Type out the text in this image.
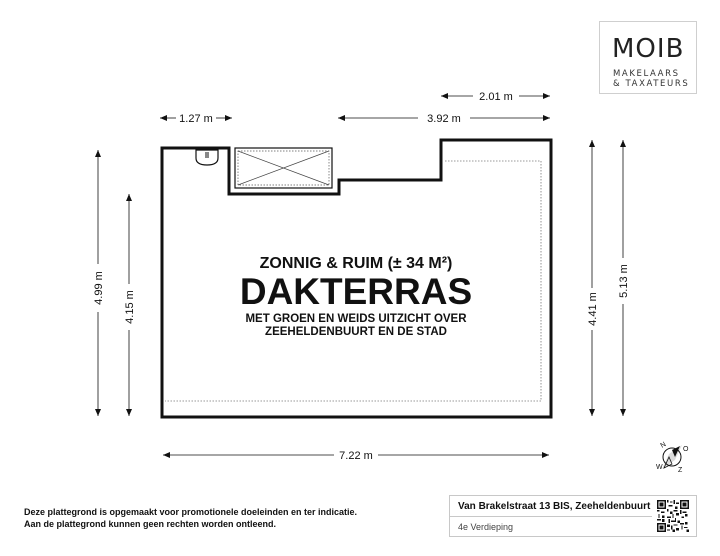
1.27 m	3.92 m
2.01 m
4.99 m
4.15 m	4.41 m
5.13 m
7.22 m
ZONNIG & RUIM (± 34 M²)
DAKTERRAS
MET GROEN EN WEIDS UITZICHT OVER
ZEEHELDENBUURT EN DE STAD
N O
Z
W
MOIB
MAKELAARS
& TAXATEURS
Deze plattegrond is opgemaakt voor promotionele doeleinden en ter indicatie.
Aan de plattegrond kunnen geen rechten worden ontleend.
Van Brakelstraat 13 BIS, Zeeheldenbuurt
4e Verdieping
